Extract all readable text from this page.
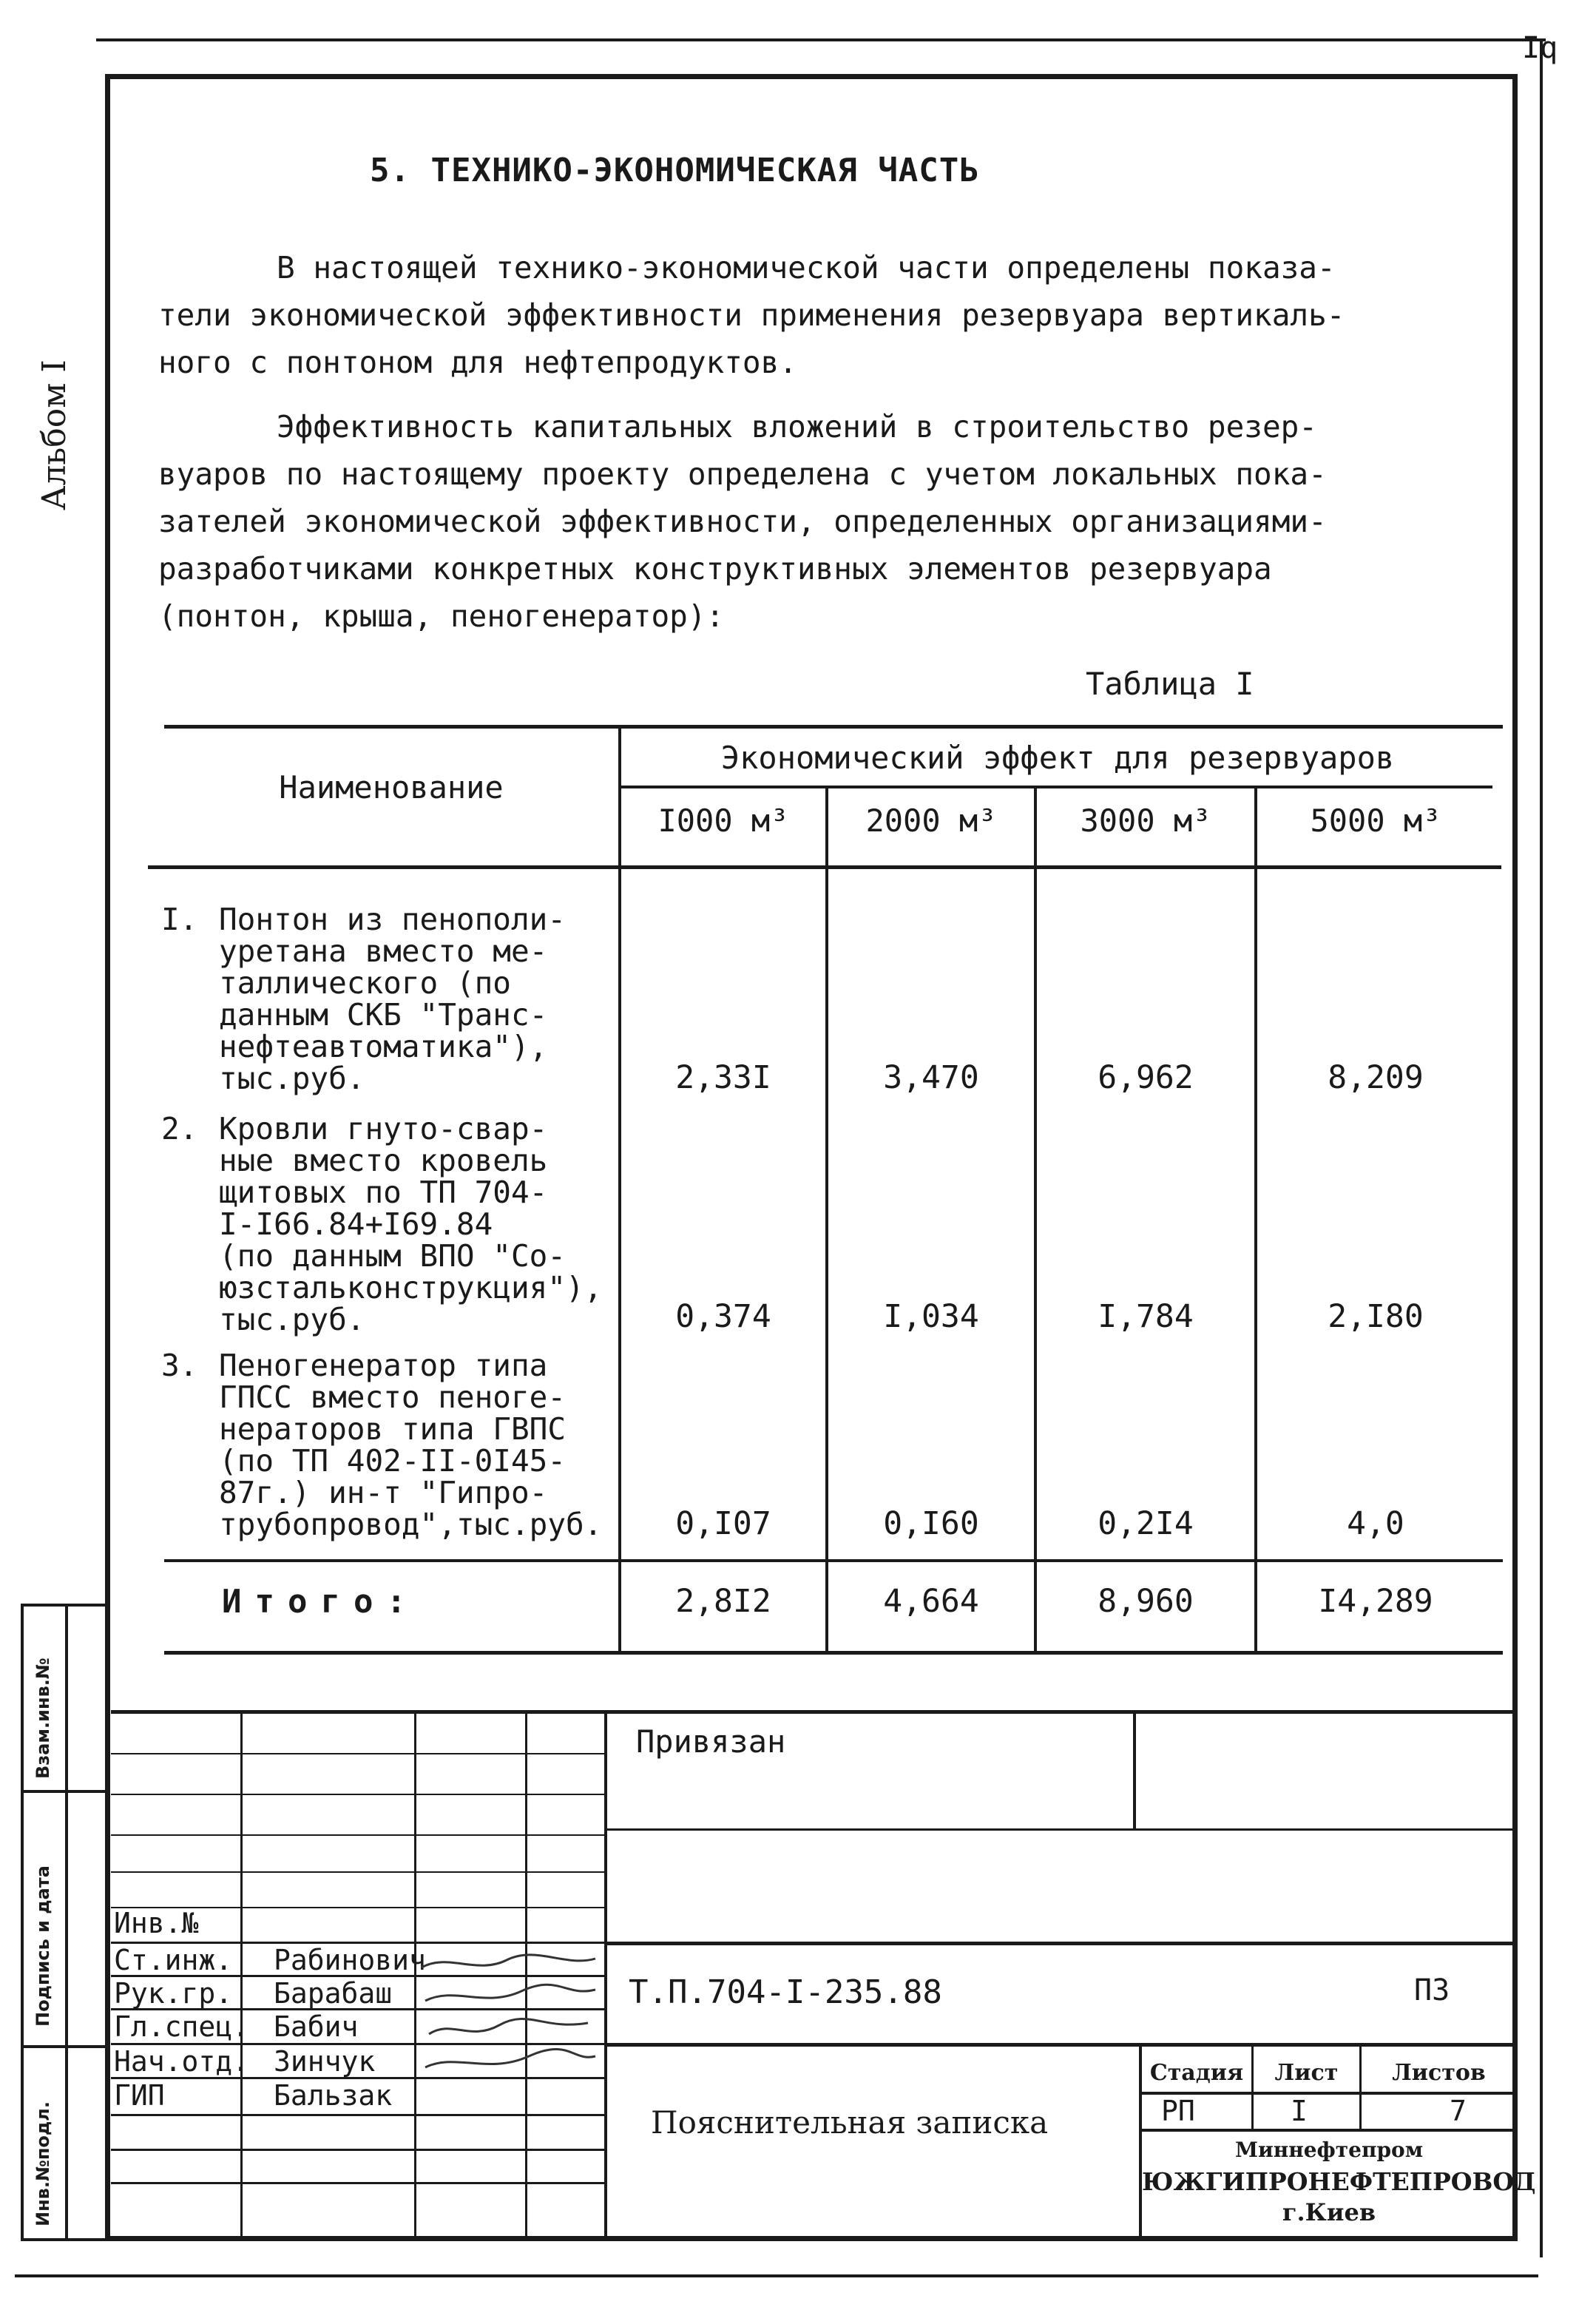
Iq
Альбом I
5. ТЕХНИКО-ЭКОНОМИЧЕСКАЯ ЧАСТЬ

В настоящей технико-экономической части определены показа-

тели экономической эффективности применения резервуара вертикаль-

ного с понтоном для нефтепродуктов.

Эффективность капитальных вложений в строительство резер-

вуаров по настоящему проекту определена с учетом локальных пока-

зателей экономической эффективности, определенных организациями-

разработчиками конкретных конструктивных элементов резервуара

(понтон, крыша, пеногенератор):

Таблица I
Наименование
Экономический эффект для резервуаров
I000 м³	2000 м³	3000 м³	5000 м³
I. Понтон из пенополи-
уретана вместо ме-
таллического (по
данным СКБ "Транс-
нефтеавтоматика"),
тыс.руб.	2,33I	3,470	6,962	8,209
2. Кровли гнуто-свар-
ные вместо кровель
щитовых по ТП 704-
I-I66.84+I69.84
(по данным ВПО "Со-
юзстальконструкция"),
тыс.руб.	0,374	I,034	I,784	2,I80
3. Пеногенератор типа
ГПСС вместо пеноге-
нераторов типа ГВПС
(по ТП 402-II-0I45-
87г.) ин-т "Гипро-
трубопровод",тыс.руб.	0,I07	0,I60	0,2I4	4,0
Итого:	2,8I2	4,664	8,960	I4,289
Взам.инв.№
Подпись и дата
Инв.№подл.
Привязан
Инв.№
Ст.инж. Рабинович
Рук.гр. Барабаш
Гл.спец. Бабич
Нач.отд. Зинчук
ГИП	Бальзак
Т.П.704-I-235.88	ПЗ
Пояснительная записка
Стадия	Лист	Листов
РП	I	7
Миннефтепром
ЮЖГИПРОНЕФТЕПРОВОД
г.Киев
